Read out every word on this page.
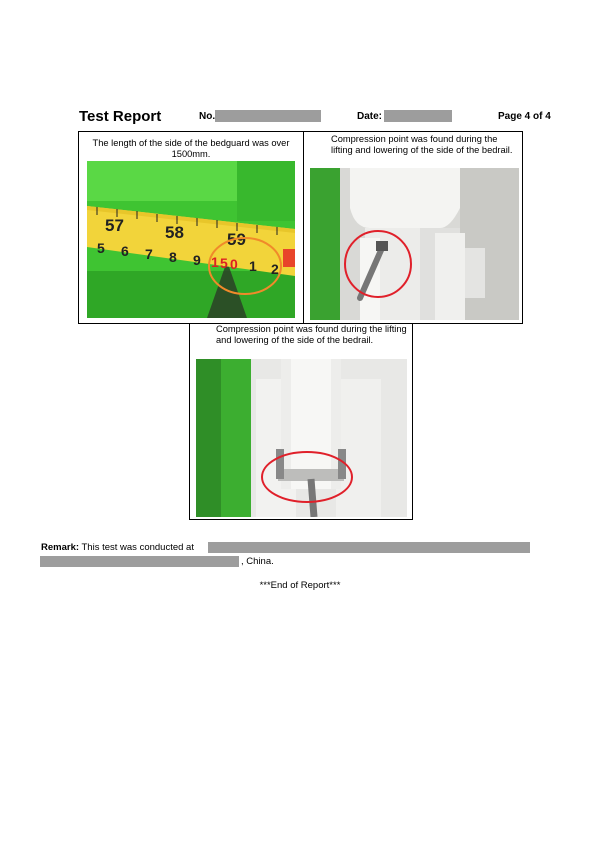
Test Report	No.	Date:	Page 4 of 4
The length of the side of the bedguard was over 1500mm.
57 58	59
5 6 7 8 9 1 5 0 1 2
Compression point was found during the lifting and lowering of the side of the bedrail.
Compression point was found during the lifting and lowering of the side of the bedrail.
Remark: This test was conducted at
, China.
***End of Report***
